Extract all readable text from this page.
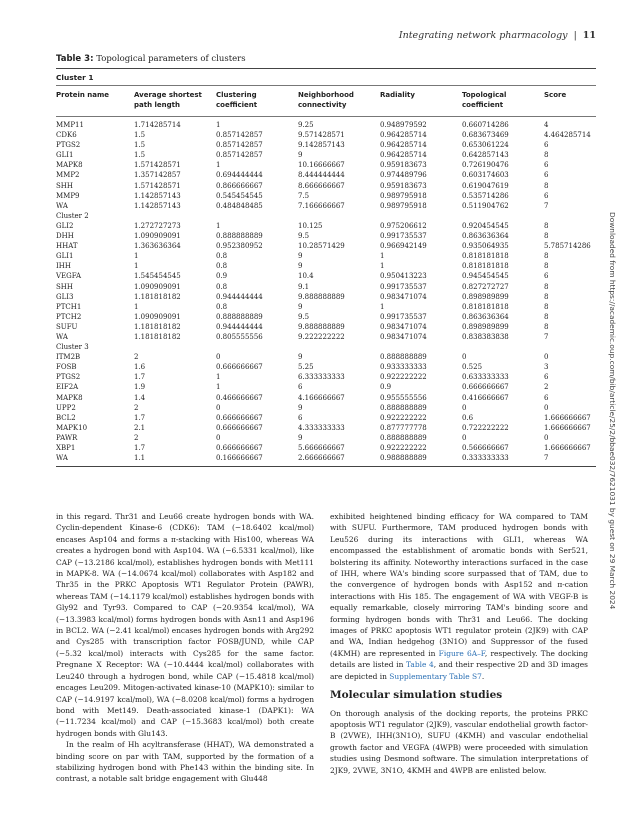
Integrating network pharmacology | 11
Table 3: Topological parameters of clusters
Cluster 1
Protein name	Average shortest
path length
Clustering
coefficient
Neighborhood
connectivity
Radiality	Topological
coefficient
Score
MMP11	1.714285714	1	9.25	0.948979592	0.660714286	4
CDK6	1.5	0.857142857	9.571428571	0.964285714	0.683673469	4.464285714
PTGS2	1.5	0.857142857	9.142857143	0.964285714	0.653061224	6
GLI1	1.5	0.857142857	9	0.964285714	0.642857143	8
MAPK8	1.571428571	1	10.16666667	0.959183673	0.726190476	6
MMP2	1.357142857	0.694444444	8.444444444	0.974489796	0.603174603	6
SHH	1.571428571	0.866666667	8.666666667	0.959183673	0.619047619	8
MMP9	1.142857143	0.545454545	7.5	0.989795918	0.535714286	6
WA	1.142857143	0.484848485	7.166666667	0.989795918	0.511904762	7
Cluster 2
GLI2	1.272727273	1	10.125	0.975206612	0.920454545	8
DHH	1.090909091	0.888888889	9.5	0.991735537	0.863636364	8
HHAT	1.363636364	0.952380952	10.28571429	0.966942149	0.935064935	5.785714286
GLI1	1	0.8	9	1	0.818181818	8
IHH	1	0.8	9	1	0.818181818	8
VEGFA	1.545454545	0.9	10.4	0.950413223	0.945454545	6
SHH	1.090909091	0.8	9.1	0.991735537	0.827272727	8
GLI3	1.181818182	0.944444444	9.888888889	0.983471074	0.898989899	8
PTCH1	1	0.8	9	1	0.818181818	8
PTCH2	1.090909091	0.888888889	9.5	0.991735537	0.863636364	8
SUFU	1.181818182	0.944444444	9.888888889	0.983471074	0.898989899	8
WA	1.181818182	0.805555556	9.222222222	0.983471074	0.838383838	7
Cluster 3
ITM2B	2	0	9	0.888888889	0	0
FOSB	1.6	0.666666667	5.25	0.933333333	0.525	3
PTGS2	1.7	1	6.333333333	0.922222222	0.633333333	6
EIF2A	1.9	1	6	0.9	0.666666667	2
MAPK8	1.4	0.466666667	4.166666667	0.955555556	0.416666667	6
UPP2	2	0	9	0.888888889	0	0
BCL2	1.7	0.666666667	6	0.922222222	0.6	1.666666667
MAPK10	2.1	0.666666667	4.333333333	0.877777778	0.722222222	1.666666667
PAWR	2	0	9	0.888888889	0	0
XBP1	1.7	0.666666667	5.666666667	0.922222222	0.566666667	1.666666667
WA	1.1	0.166666667	2.666666667	0.988888889	0.333333333	7	Downloaded from https://academic.oup.com/bib/article/25/2/bbae032/7621031 by guest on 29 March 2024

in this regard. Thr31 and Leu66 create hydrogen bonds with WA. Cyclin-dependent Kinase-6 (CDK6): TAM (−18.6402 kcal/mol) encases Asp104 and forms a π-stacking with His100, whereas WA creates a hydrogen bond with Asp104. WA (−6.5331 kcal/mol), like CAP (−13.2186 kcal/mol), establishes hydrogen bonds with Met111 in MAPK-8. WA (−14.0674 kcal/mol) collaborates with Asp182 and Thr35 in the PRKC Apoptosis WT1 Regulator Protein (PAWR), whereas TAM (−14.1179 kcal/mol) establishes hydrogen bonds with Gly92 and Tyr93. Compared to CAP (−20.9354 kcal/mol), WA (−13.3983 kcal/mol) forms hydrogen bonds with Asn11 and Asp196 in BCL2. WA (−2.41 kcal/mol) encases hydrogen bonds with Arg292 and Cys285 with transcription factor FOSB/JUND, while CAP (−5.32 kcal/mol) interacts with Cys285 for the same factor. Pregnane X Receptor: WA (−10.4444 kcal/mol) collaborates with Leu240 through a hydrogen bond, while CAP (−15.4818 kcal/mol) encages Leu209. Mitogen-activated kinase-10 (MAPK10): similar to CAP (−14.9197 kcal/mol), WA (−8.0208 kcal/mol) forms a hydrogen bond with Met149. Death-associated kinase-1 (DAPK1): WA (−11.7234 kcal/mol) and CAP (−15.3683 kcal/mol) both create hydrogen bonds with Glu143.

In the realm of Hh acyltransferase (HHAT), WA demonstrated a binding score on par with TAM, supported by the formation of a stabilizing hydrogen bond with Phe143 within the binding site. In contrast, a notable salt bridge engagement with Glu448

exhibited heightened binding efficacy for WA compared to TAM with SUFU. Furthermore, TAM produced hydrogen bonds with Leu526 during its interactions with GLI1, whereas WA encompassed the establishment of aromatic bonds with Ser521, bolstering its affinity. Noteworthy interactions surfaced in the case of IHH, where WA's binding score surpassed that of TAM, due to the convergence of hydrogen bonds with Asp152 and π-cation interactions with His 185. The engagement of WA with VEGF-B is equally remarkable, closely mirroring TAM's binding score and forming hydrogen bonds with Thr31 and Leu66. The docking images of PRKC apoptosis WT1 regulator protein (2JK9) with CAP and WA, Indian hedgehog (3N1O) and Suppressor of the fused (4KMH) are represented in Figure 6A–F, respectively. The docking details are listed in Table 4, and their respective 2D and 3D images are depicted in Supplementary Table S7.

Molecular simulation studies

On thorough analysis of the docking reports, the proteins PRKC apoptosis WT1 regulator (2JK9), vascular endothelial growth factor-B (2VWE), IHH(3N1O), SUFU (4KMH) and vascular endothelial growth factor and VEGFA (4WPB) were proceeded with simulation studies using Desmond software. The simulation interpretations of 2JK9, 2VWE, 3N1O, 4KMH and 4WPB are enlisted below.
